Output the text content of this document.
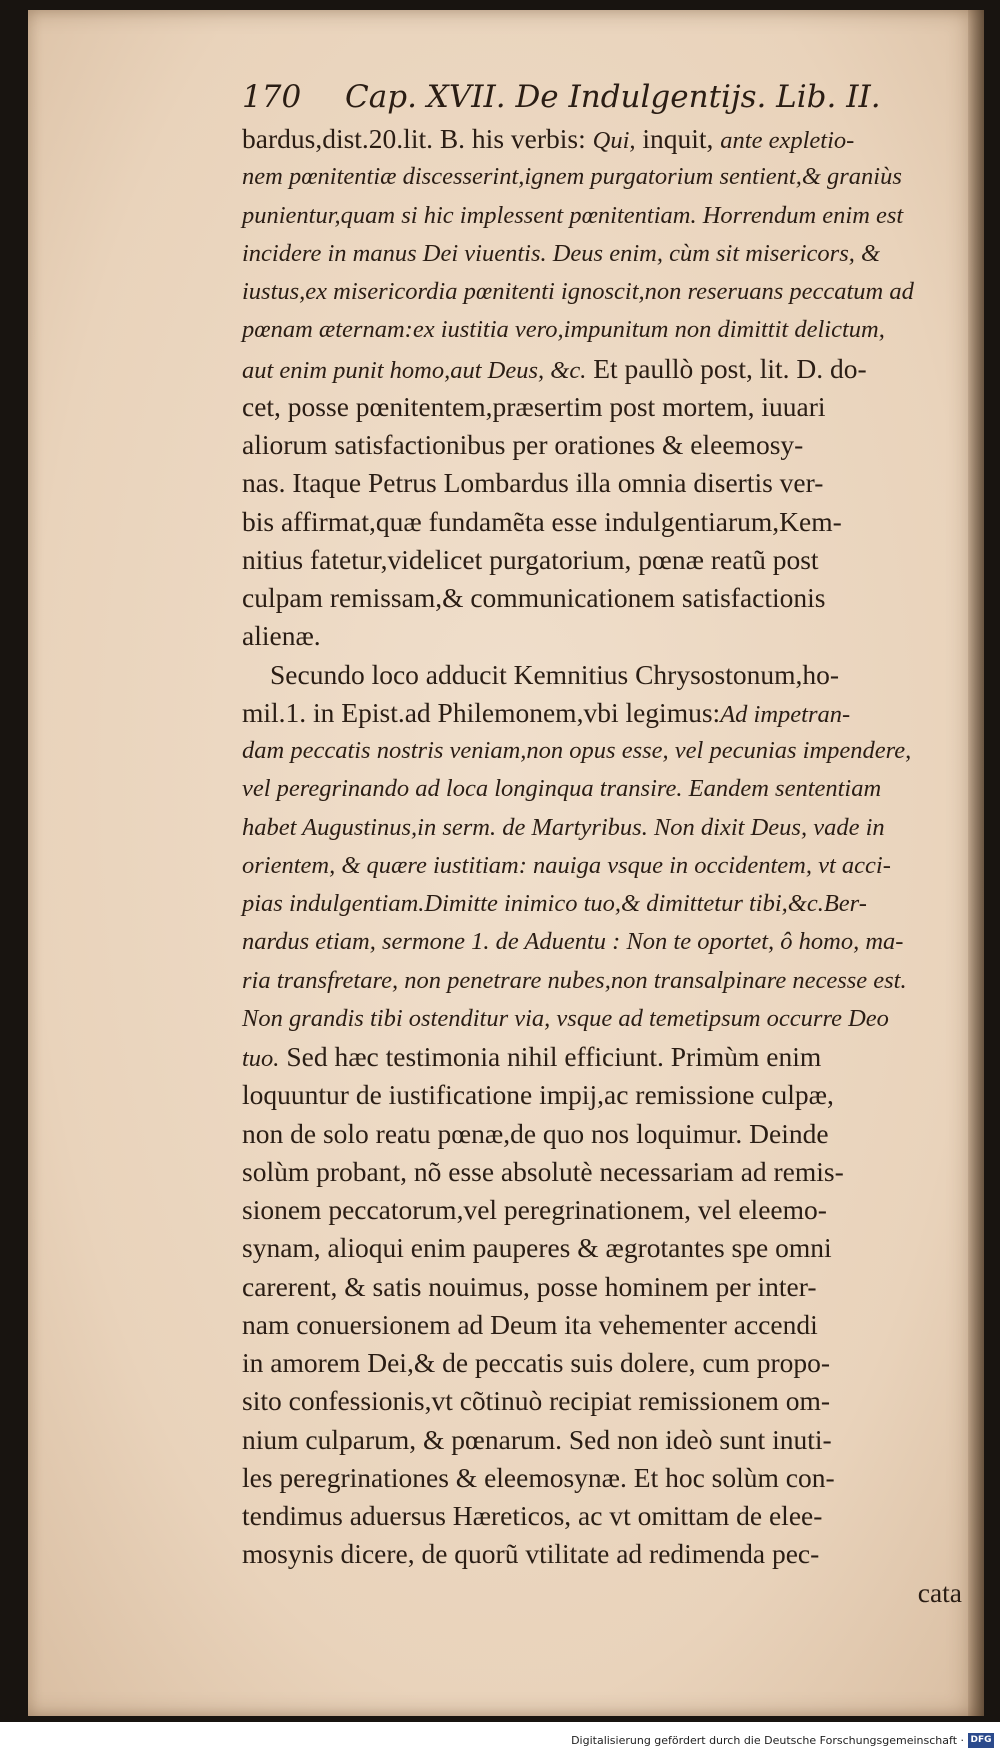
170 Cap. XVII. De Indulgentijs. Lib. II.
bardus,dist.20.lit. B. his verbis: Qui, inquit, ante expletio-
nem pœnitentiæ discesserint,ignem purgatorium sentient,& graniùs
punientur,quam si hic implessent pœnitentiam. Horrendum enim est
incidere in manus Dei viuentis. Deus enim, cùm sit misericors, &
iustus,ex misericordia pœnitenti ignoscit,non reseruans peccatum ad
pœnam æternam:ex iustitia vero,impunitum non dimittit delictum,
aut enim punit homo,aut Deus, &c. Et paullò post, lit. D. do-
cet, posse pœnitentem,præsertim post mortem, iuuari
aliorum satisfactionibus per orationes & eleemosy-
nas. Itaque Petrus Lombardus illa omnia disertis ver-
bis affirmat,quæ fundamẽta esse indulgentiarum,Kem-
nitius fatetur,videlicet purgatorium, pœnæ reatũ post
culpam remissam,& communicationem satisfactionis
alienæ.
Secundo loco adducit Kemnitius Chrysostonum,ho-
mil.1. in Epist.ad Philemonem,vbi legimus:Ad impetran-
dam peccatis nostris veniam,non opus esse, vel pecunias impendere,
vel peregrinando ad loca longinqua transire. Eandem sententiam
habet Augustinus,in serm. de Martyribus. Non dixit Deus, vade in
orientem, & quære iustitiam: nauiga vsque in occidentem, vt acci-
pias indulgentiam.Dimitte inimico tuo,& dimittetur tibi,&c.Ber-
nardus etiam, sermone 1. de Aduentu : Non te oportet, ô homo, ma-
ria transfretare, non penetrare nubes,non transalpinare necesse est.
Non grandis tibi ostenditur via, vsque ad temetipsum occurre Deo
tuo. Sed hæc testimonia nihil efficiunt. Primùm enim
loquuntur de iustificatione impij,ac remissione culpæ,
non de solo reatu pœnæ,de quo nos loquimur. Deinde
solùm probant, nõ esse absolutè necessariam ad remis-
sionem peccatorum,vel peregrinationem, vel eleemo-
synam, alioqui enim pauperes & ægrotantes spe omni
carerent, & satis nouimus, posse hominem per inter-
nam conuersionem ad Deum ita vehementer accendi
in amorem Dei,& de peccatis suis dolere, cum propo-
sito confessionis,vt cõtinuò recipiat remissionem om-
nium culparum, & pœnarum. Sed non ideò sunt inuti-
les peregrinationes & eleemosynæ. Et hoc solùm con-
tendimus aduersus Hæreticos, ac vt omittam de elee-
mosynis dicere, de quorũ vtilitate ad redimenda pec-
cata
Digitalisierung gefördert durch die Deutsche Forschungsgemeinschaft · DFG
